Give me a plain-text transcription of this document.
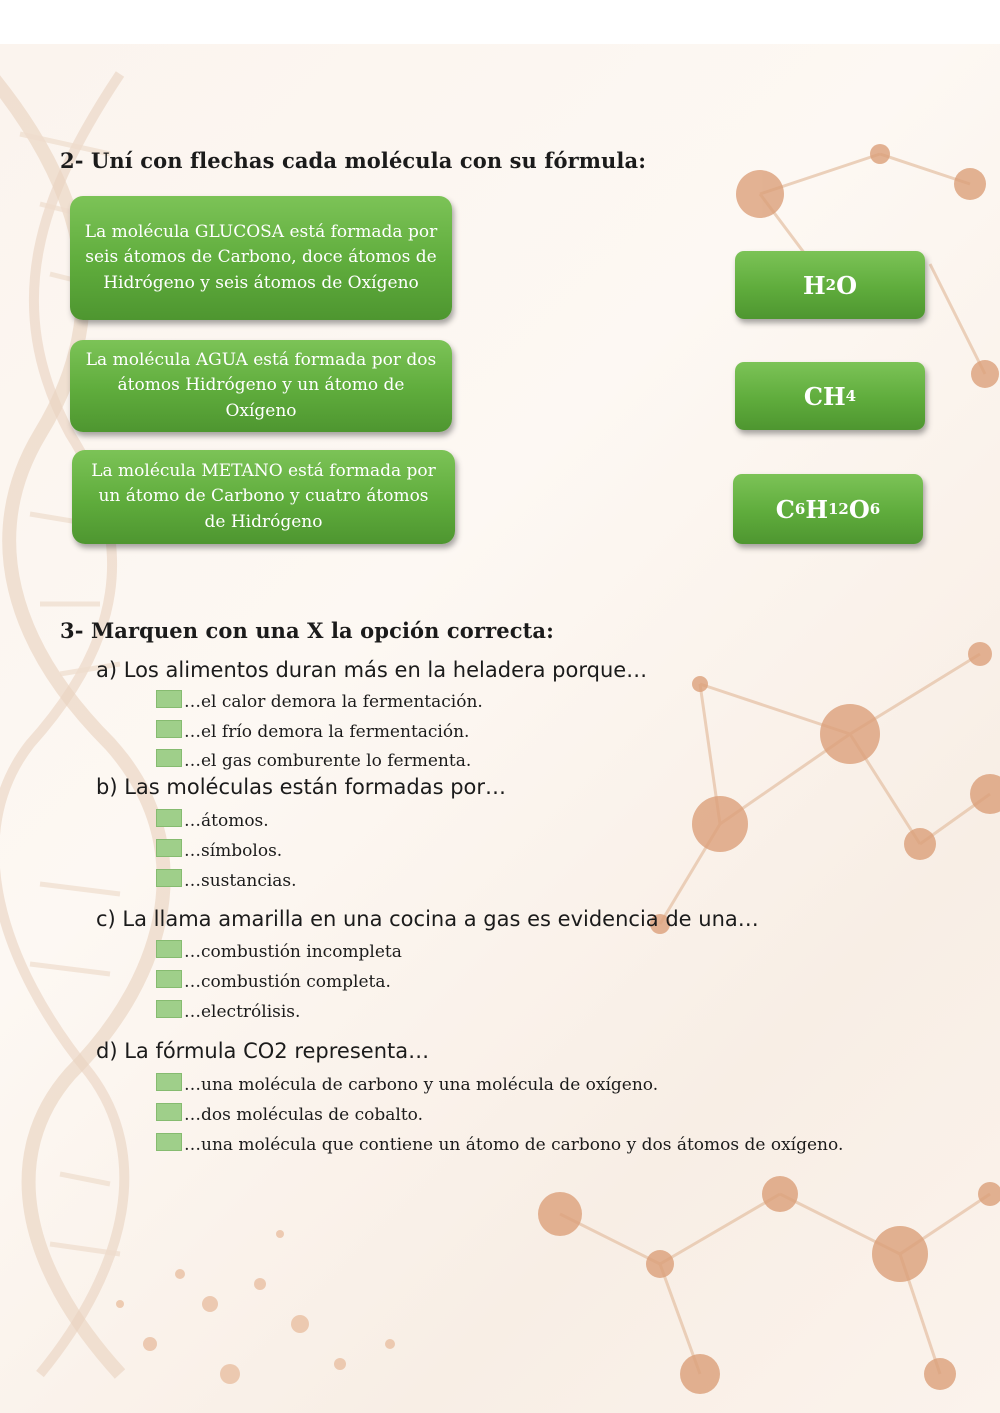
2- Uní con flechas cada molécula con su fórmula:
La molécula GLUCOSA está formada por seis átomos de Carbono, doce átomos de Hidrógeno y seis átomos de Oxígeno
La molécula AGUA está formada por dos átomos Hidrógeno y un átomo de Oxígeno
La molécula METANO está formada por un átomo de Carbono y cuatro átomos de Hidrógeno
H 2 O
CH 4
C 6 H 12 O 6
3- Marquen con una X la opción correcta:
a) Los alimentos duran más en la heladera porque…
…el calor demora la fermentación.
…el frío demora la fermentación.
…el gas comburente lo fermenta.
b) Las moléculas están formadas por…
…átomos.
…símbolos.
…sustancias.
c) La llama amarilla en una cocina a gas es evidencia de una…
…combustión incompleta
…combustión completa.
…electrólisis.
d) La fórmula CO2 representa…
…una molécula de carbono y una molécula de oxígeno.
…dos moléculas de cobalto.
…una molécula que contiene un átomo de carbono y dos átomos de oxígeno.
